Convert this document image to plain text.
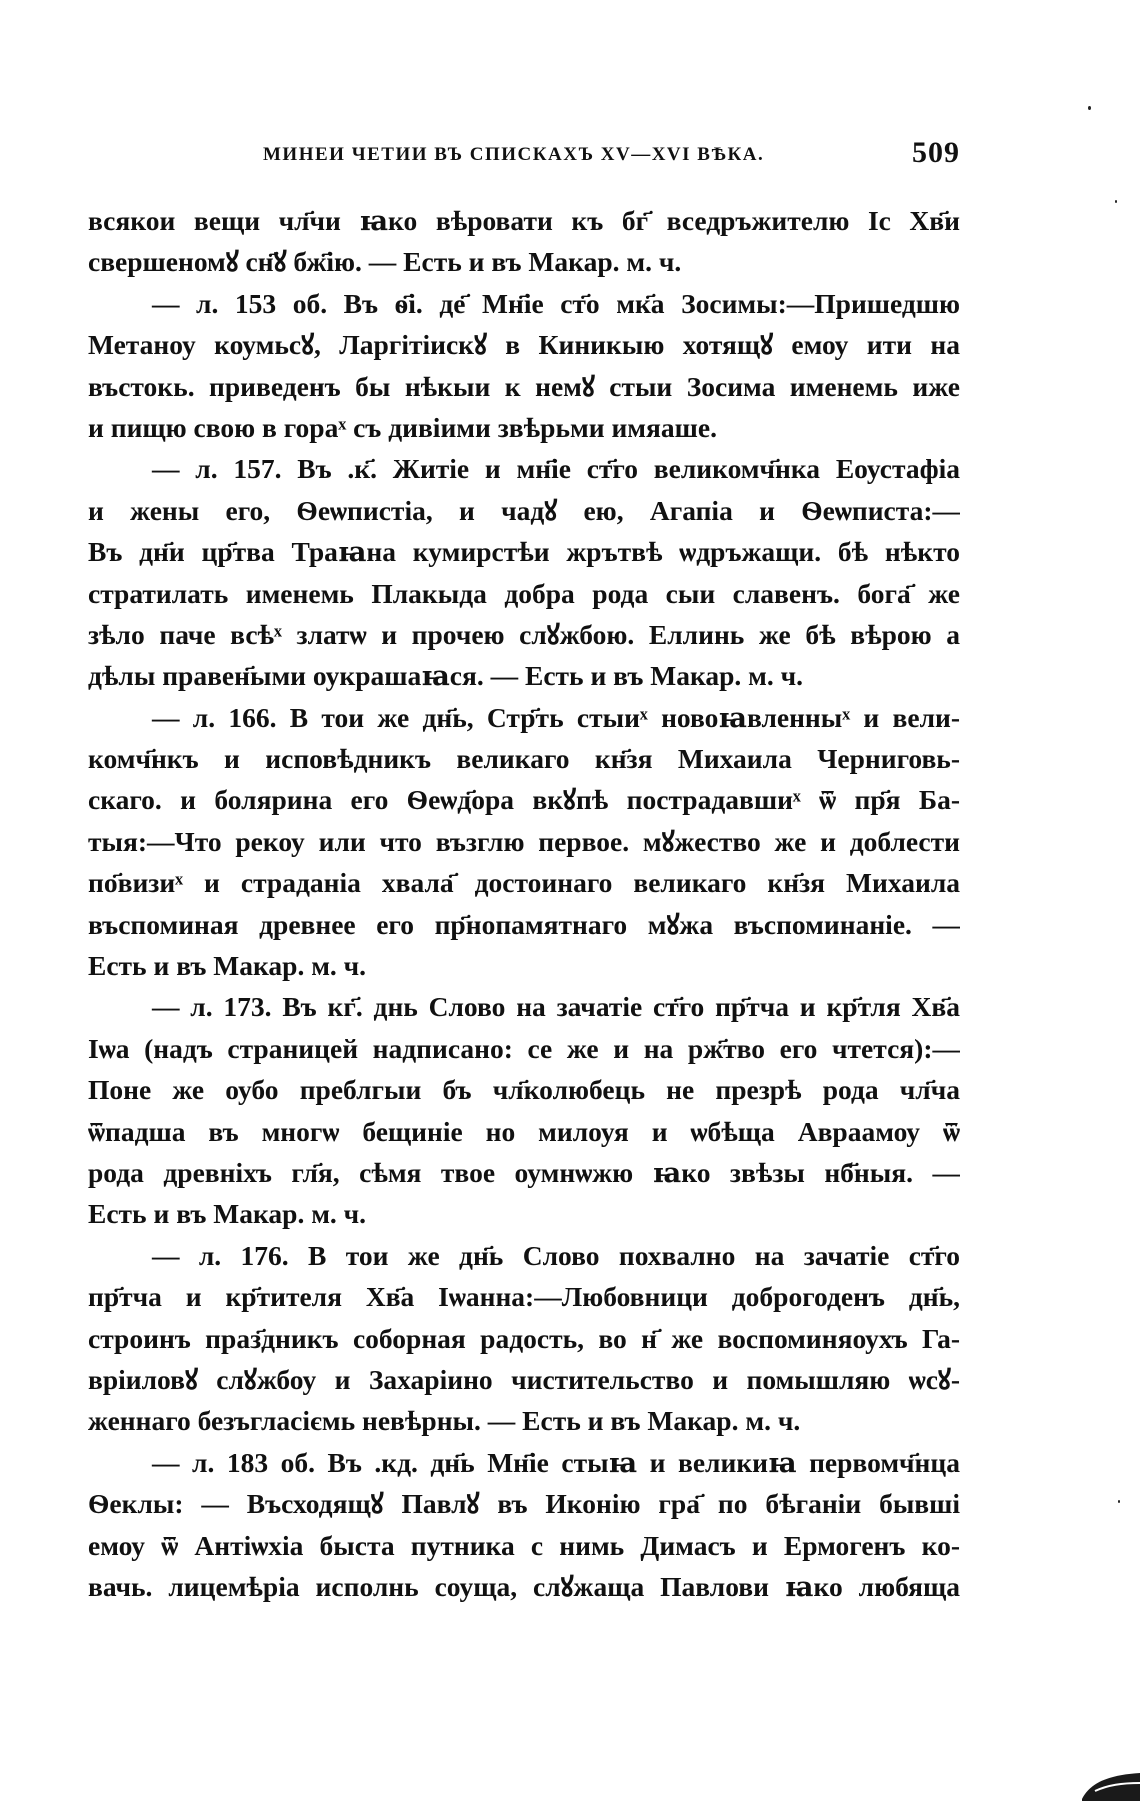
МИНЕИ ЧЕТИИ ВЪ СПИСКАХЪ XV—XVI ВѢКА.	509
всякои вещи чл҃чи ꙗко вѣровати къ бг҃ вседръжителю Іс Хв҃и
свершеномꙋ сн҃ꙋ бж҃ію. — Есть и въ Макар. м. ч.
— л. 153 об. Въ ѳ҃і. де҃ Мн҃іе ст҃о мк҃а Зосимы:—Пришедшю
Метаноу коумьсꙋ, Ларгітіискꙋ в Киникыю хотящꙋ емоу ити на
въстокь. приведенъ бы нѣкыи к немꙋ стыи Зосима именемь иже
и пищю свою в гораˣ съ дивіими звѣрьми имяаше.
— л. 157. Въ .к҃. Житіе и мн҃іе ст҃го великомч҃нка Еоустафіа
и жены его, Ѳеѡпистіа, и чадꙋ ею, Агапіа и Ѳеѡписта:—
Въ дн҃и цр҃тва Траꙗна кумирстѣи жрътвѣ ѡдръжащи. бѣ нѣкто
стратилать именемь Плакыда добра рода сыи славенъ. бога҃ же
зѣло паче всѣˣ златѡ и прочею слꙋжбою. Еллинь же бѣ вѣрою а
дѣлы правен҃ыми оукрашаꙗся. — Есть и въ Макар. м. ч.
— л. 166. В тои же дн҃ь, Стр҃ть стыиˣ новоꙗвленныˣ и вели-
комч҃нкъ и исповѣдникъ великаго кн҃зя Михаила Черниговь-
скаго. и болярина его Ѳеѡд҃ора вкꙋпѣ пострадавшиˣ ѿ пр҃я Ба-
тыя:—Что рекоу или что възглю первое. мꙋжество же и доблести
по҃визиˣ и страданіа хвала҃ достоинаго великаго кн҃зя Михаила
въспоминая древнее его пр҃нопамятнаго мꙋжа въспоминаніе. —
Есть и въ Макар. м. ч.
— л. 173. Въ кг҃. днь Слово на зачатіе ст҃го пр҃тча и кр҃тля Хв҃а
Іѡа (надъ страницей надписано: се же и на рж҃тво его чтется):—
Поне же оубо преблгыи бъ чл҃колюбець не презрѣ рода чл҃ча
ѿпадша въ многѡ бещиніе но милоуя и ѡбѣща Авраамоу ѿ
рода древніхъ гл҃я, сѣмя твое оумнѡжю ꙗко звѣзы нб҃ныя. —
Есть и въ Макар. м. ч.
— л. 176. В тои же дн҃ь Слово похвално на зачатіе ст҃го
пр҃тча и кр҃тителя Хв҃а Іѡанна:—Любовници доброгоденъ дн҃ь,
строинъ праз҃дникъ соборная радость, во н҃ же воспоминяоухъ Га-
вріиловꙋ слꙋжбоу и Захаріино чиститeльство и помышляю ѡсꙋ-
женнаго безъгласіємь невѣрны. — Есть и въ Макар. м. ч.
— л. 183 об. Въ .кд. дн҃ь Мн҃іе стыꙗ и великиꙗ первомч҃нца
Ѳеклы: — Въсходящꙋ Павлꙋ въ Иконію гра҃ по бѣганіи бывші
емоу ѿ Антіѡхіа быста путника с нимь Димасъ и Ермогенъ ко-
вачь. лицемѣріа исполнь соуща, слꙋжаща Павлови ꙗко любяща
